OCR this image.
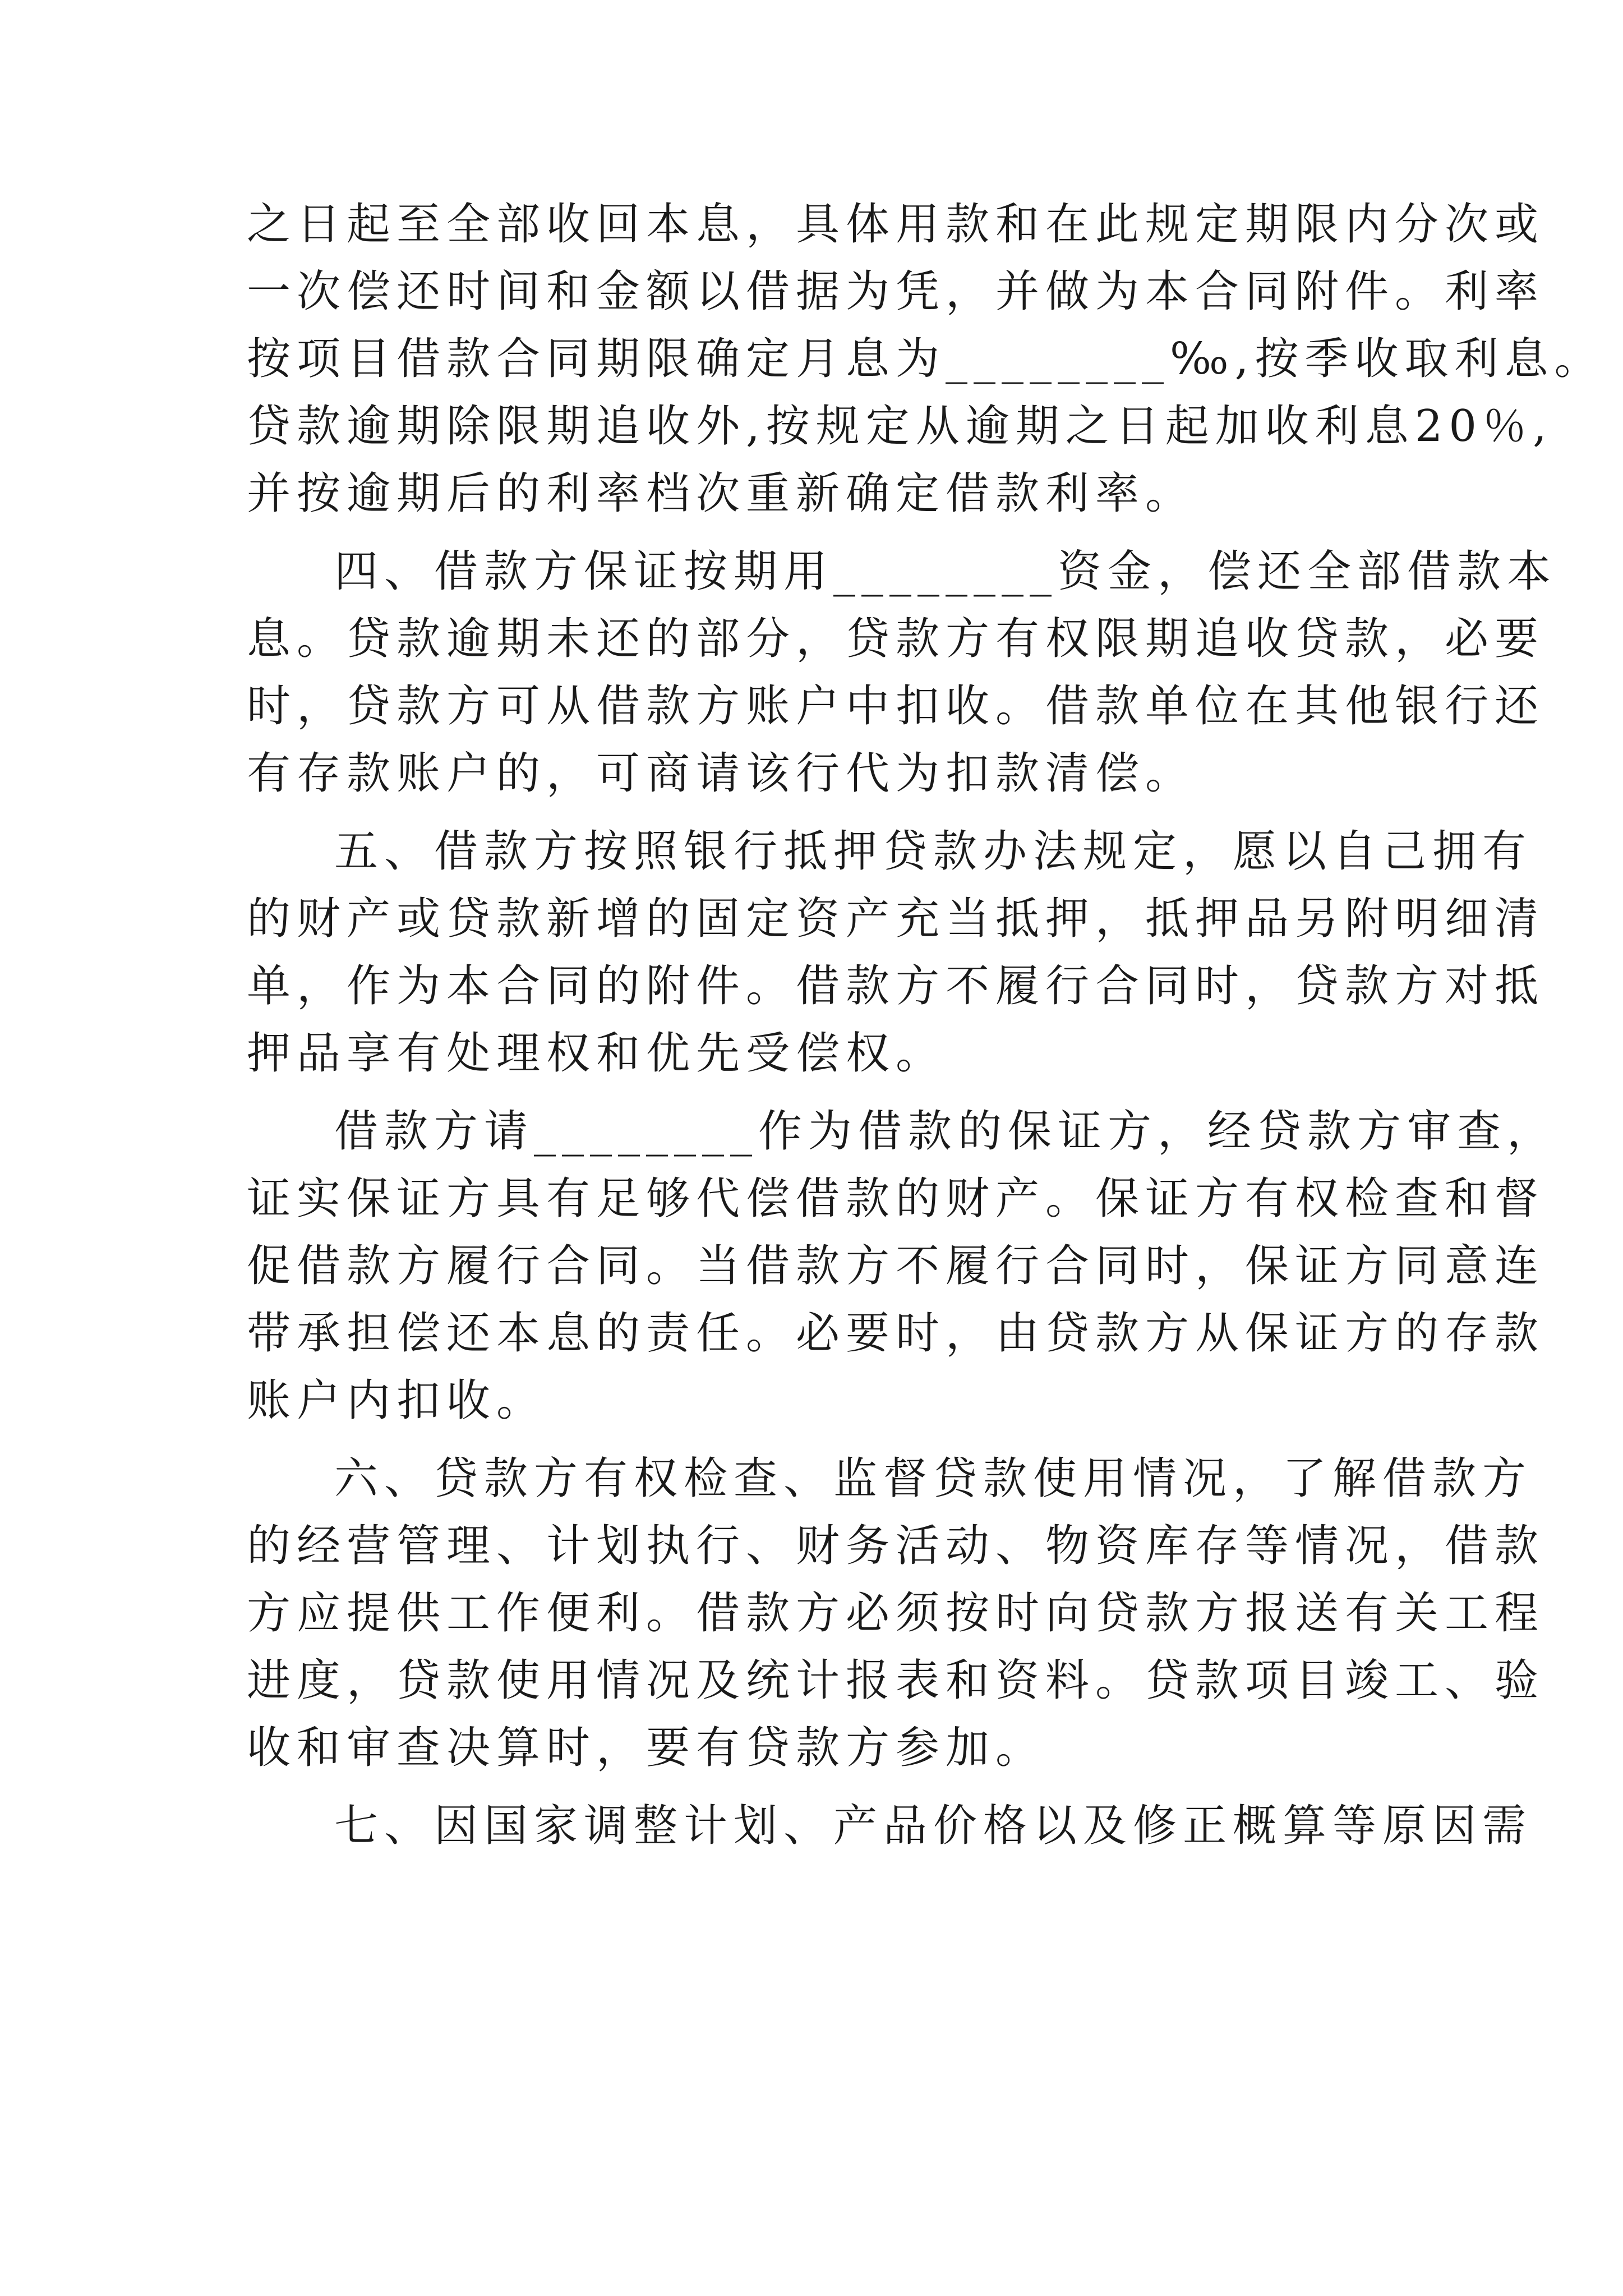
之日起至全部收回本息，具体用款和在此规定期限内分次或
一次偿还时间和金额以借据为凭，并做为本合同附件。利率
按项目借款合同期限确定月息为________‰,按季收取利息。
贷款逾期除限期追收外,按规定从逾期之日起加收利息20％,
并按逾期后的利率档次重新确定借款利率。
四、借款方保证按期用________资金，偿还全部借款本
息。贷款逾期未还的部分，贷款方有权限期追收贷款，必要
时，贷款方可从借款方账户中扣收。借款单位在其他银行还
有存款账户的，可商请该行代为扣款清偿。
五、借款方按照银行抵押贷款办法规定，愿以自己拥有
的财产或贷款新增的固定资产充当抵押，抵押品另附明细清
单，作为本合同的附件。借款方不履行合同时，贷款方对抵
押品享有处理权和优先受偿权。
借款方请________作为借款的保证方，经贷款方审查，
证实保证方具有足够代偿借款的财产。保证方有权检查和督
促借款方履行合同。当借款方不履行合同时，保证方同意连
带承担偿还本息的责任。必要时，由贷款方从保证方的存款
账户内扣收。
六、贷款方有权检查、监督贷款使用情况，了解借款方
的经营管理、计划执行、财务活动、物资库存等情况，借款
方应提供工作便利。借款方必须按时向贷款方报送有关工程
进度，贷款使用情况及统计报表和资料。贷款项目竣工、验
收和审查决算时，要有贷款方参加。
七、因国家调整计划、产品价格以及修正概算等原因需
